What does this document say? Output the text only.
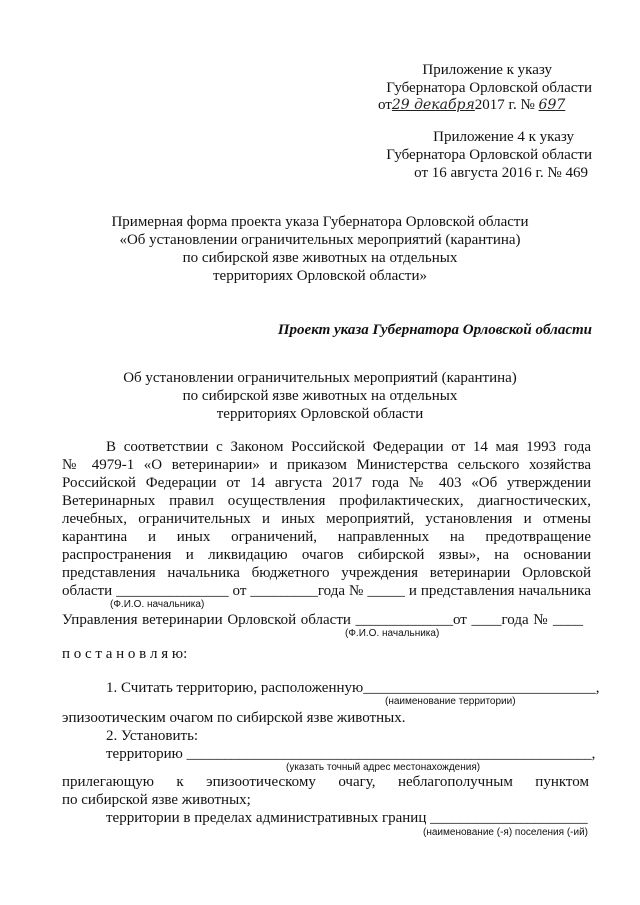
Приложение к указу
Губернатора Орловской области
от29 декабря2017 г. № 697
Приложение 4 к указу
Губернатора Орловской области
от 16 августа 2016 г. № 469
Примерная форма проекта указа Губернатора Орловской области
«Об установлении ограничительных мероприятий (карантина)
по сибирской язве животных на отдельных
территориях Орловской области»
Проект указа Губернатора Орловской области
Об установлении ограничительных мероприятий (карантина)
по сибирской язве животных на отдельных
территориях Орловской области
В соответствии с Законом Российской Федерации от 14 мая 1993 года
№ 4979-1 «О ветеринарии» и приказом Министерства сельского хозяйства
Российской Федерации от 14 августа 2017 года № 403 «Об утверждении
Ветеринарных правил осуществления профилактических, диагностических,
лечебных, ограничительных и иных мероприятий, установления и отмены
карантина и иных ограничений, направленных на предотвращение
распространения и ликвидацию очагов сибирской язвы», на основании
представления начальника бюджетного учреждения ветеринарии Орловской
области _______________ от _________года № _____ и представления начальника
(Ф.И.О. начальника)
Управления ветеринарии Орловской области _____________от ____года № ____
(Ф.И.О. начальника)
п о с т а н о в л я ю:
1. Считать территорию, расположенную_______________________________,
(наименование территории)
эпизоотическим очагом по сибирской язве животных.
2. Установить:
территорию ______________________________________________________,
(указать точный адрес местонахождения)
прилегающую к эпизоотическому очагу, неблагополучным пунктом
по сибирской язве животных;
территории в пределах административных границ _____________________
(наименование (-я) поселения (-ий)
